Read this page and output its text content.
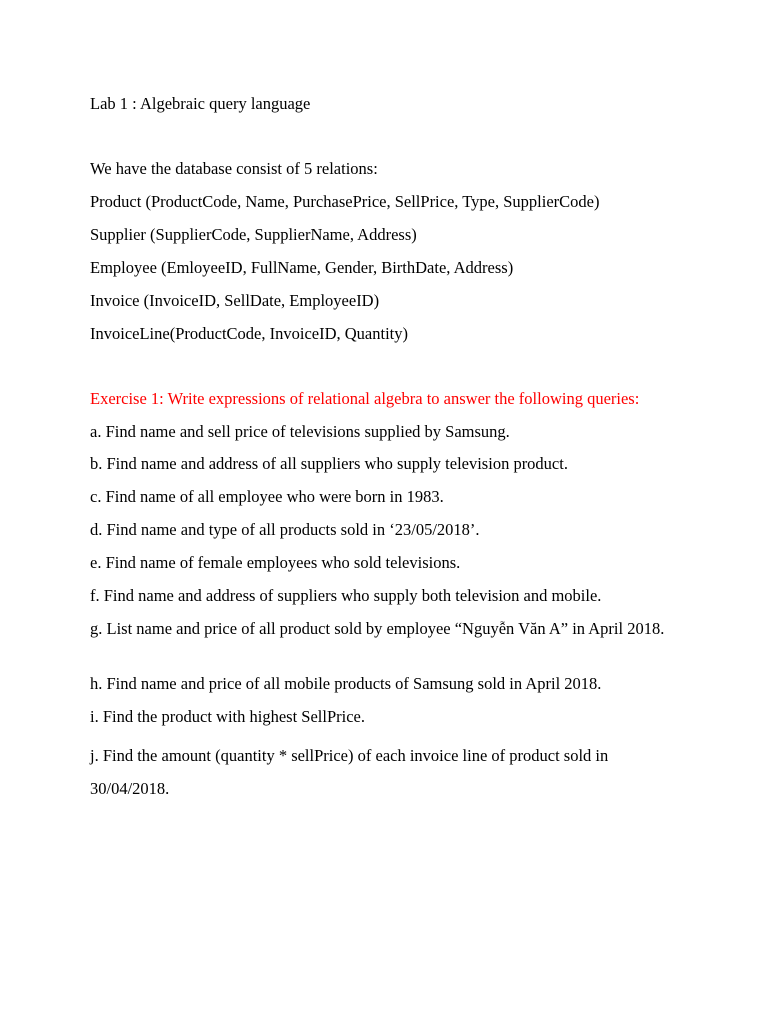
Lab 1 : Algebraic query language
We have the database consist of 5 relations:
Product (ProductCode, Name, PurchasePrice, SellPrice, Type, SupplierCode)
Supplier (SupplierCode, SupplierName, Address)
Employee (EmloyeeID, FullName, Gender, BirthDate, Address)
Invoice (InvoiceID, SellDate, EmployeeID)
InvoiceLine(ProductCode, InvoiceID, Quantity)
Exercise 1: Write expressions of relational algebra to answer the following queries:
a. Find name and sell price of televisions supplied by Samsung.
b. Find name and address of all suppliers who supply television product.
c. Find name of all employee who were born in 1983.
d. Find name and type of all products sold in ‘23/05/2018’.
e. Find name of female employees who sold televisions.
f. Find name and address of suppliers who supply both television and mobile.
g. List name and price of all product sold by employee “Nguyễn Văn A” in April 2018.
h. Find name and price of all mobile products of Samsung sold in April 2018.
i. Find the product with highest SellPrice.
j. Find the amount (quantity * sellPrice) of each invoice line of product sold in 30/04/2018.
